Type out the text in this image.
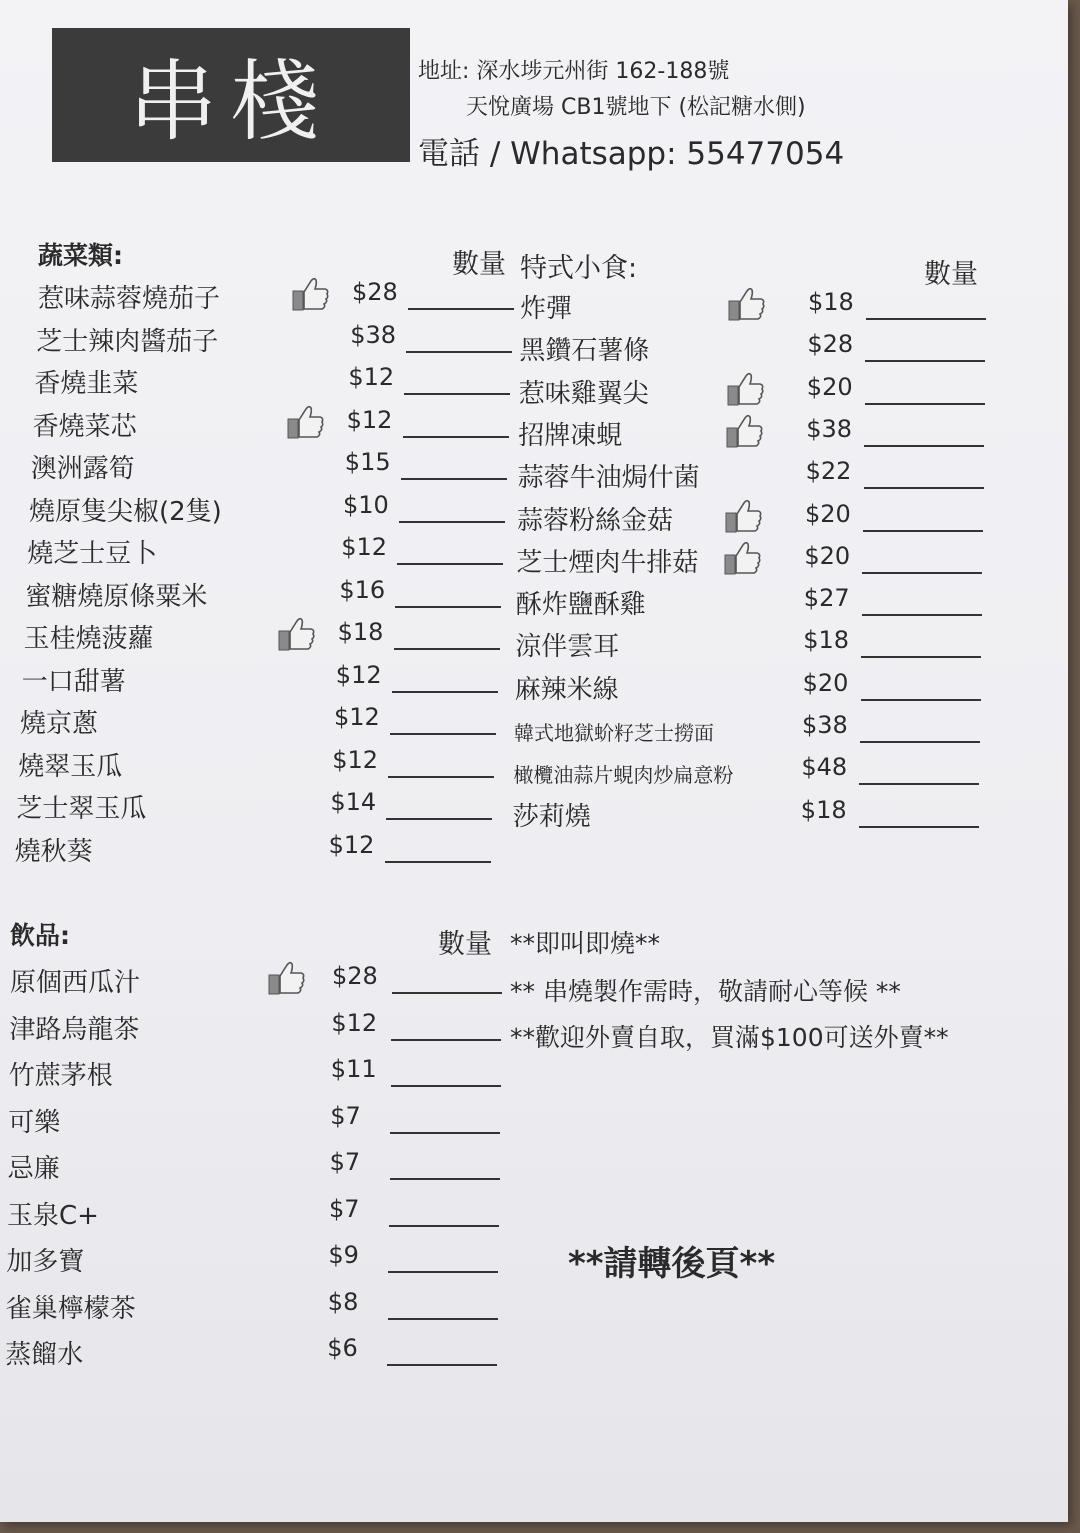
串棧	地址: 深水埗元州街 162-188號
天悅廣場 CB1號地下 (松記糖水側)
電話 / Whatsapp: 55477054
蔬菜類:	數量 特式小食:	數量
惹味蒜蓉燒茄子	$28
芝士辣肉醬茄子	$38
香燒韭菜	$12
香燒菜芯	$12
澳洲露筍	$15
燒原隻尖椒(2隻)	$10
燒芝士豆卜	$12
蜜糖燒原條粟米	$16
玉桂燒菠蘿	$18
一口甜薯	$12
燒京蔥	$12
燒翠玉瓜	$12
芝士翠玉瓜	$14
燒秋葵	$12
炸彈	$18
黑鑽石薯條	$28
惹味雞翼尖	$20
招牌凍蜆	$38
蒜蓉牛油焗什菌	$22
蒜蓉粉絲金菇	$20
芝士煙肉牛排菇	$20
酥炸鹽酥雞	$27
涼伴雲耳	$18
麻辣米線	$20
韓式地獄蚧籽芝士撈面	$38
橄欖油蒜片蜆肉炒扁意粉	$48
莎莉燒	$18
飲品:	數量
原個西瓜汁	$28
津路烏龍茶	$12
竹蔗茅根	$11
可樂	$7
忌廉	$7
玉泉C+	$7
加多寶	$9
雀巢檸檬茶	$8
蒸餾水	$6
**即叫即燒**
** 串燒製作需時，敬請耐心等候 **
**歡迎外賣自取，買滿$100可送外賣**
**請轉後頁**
